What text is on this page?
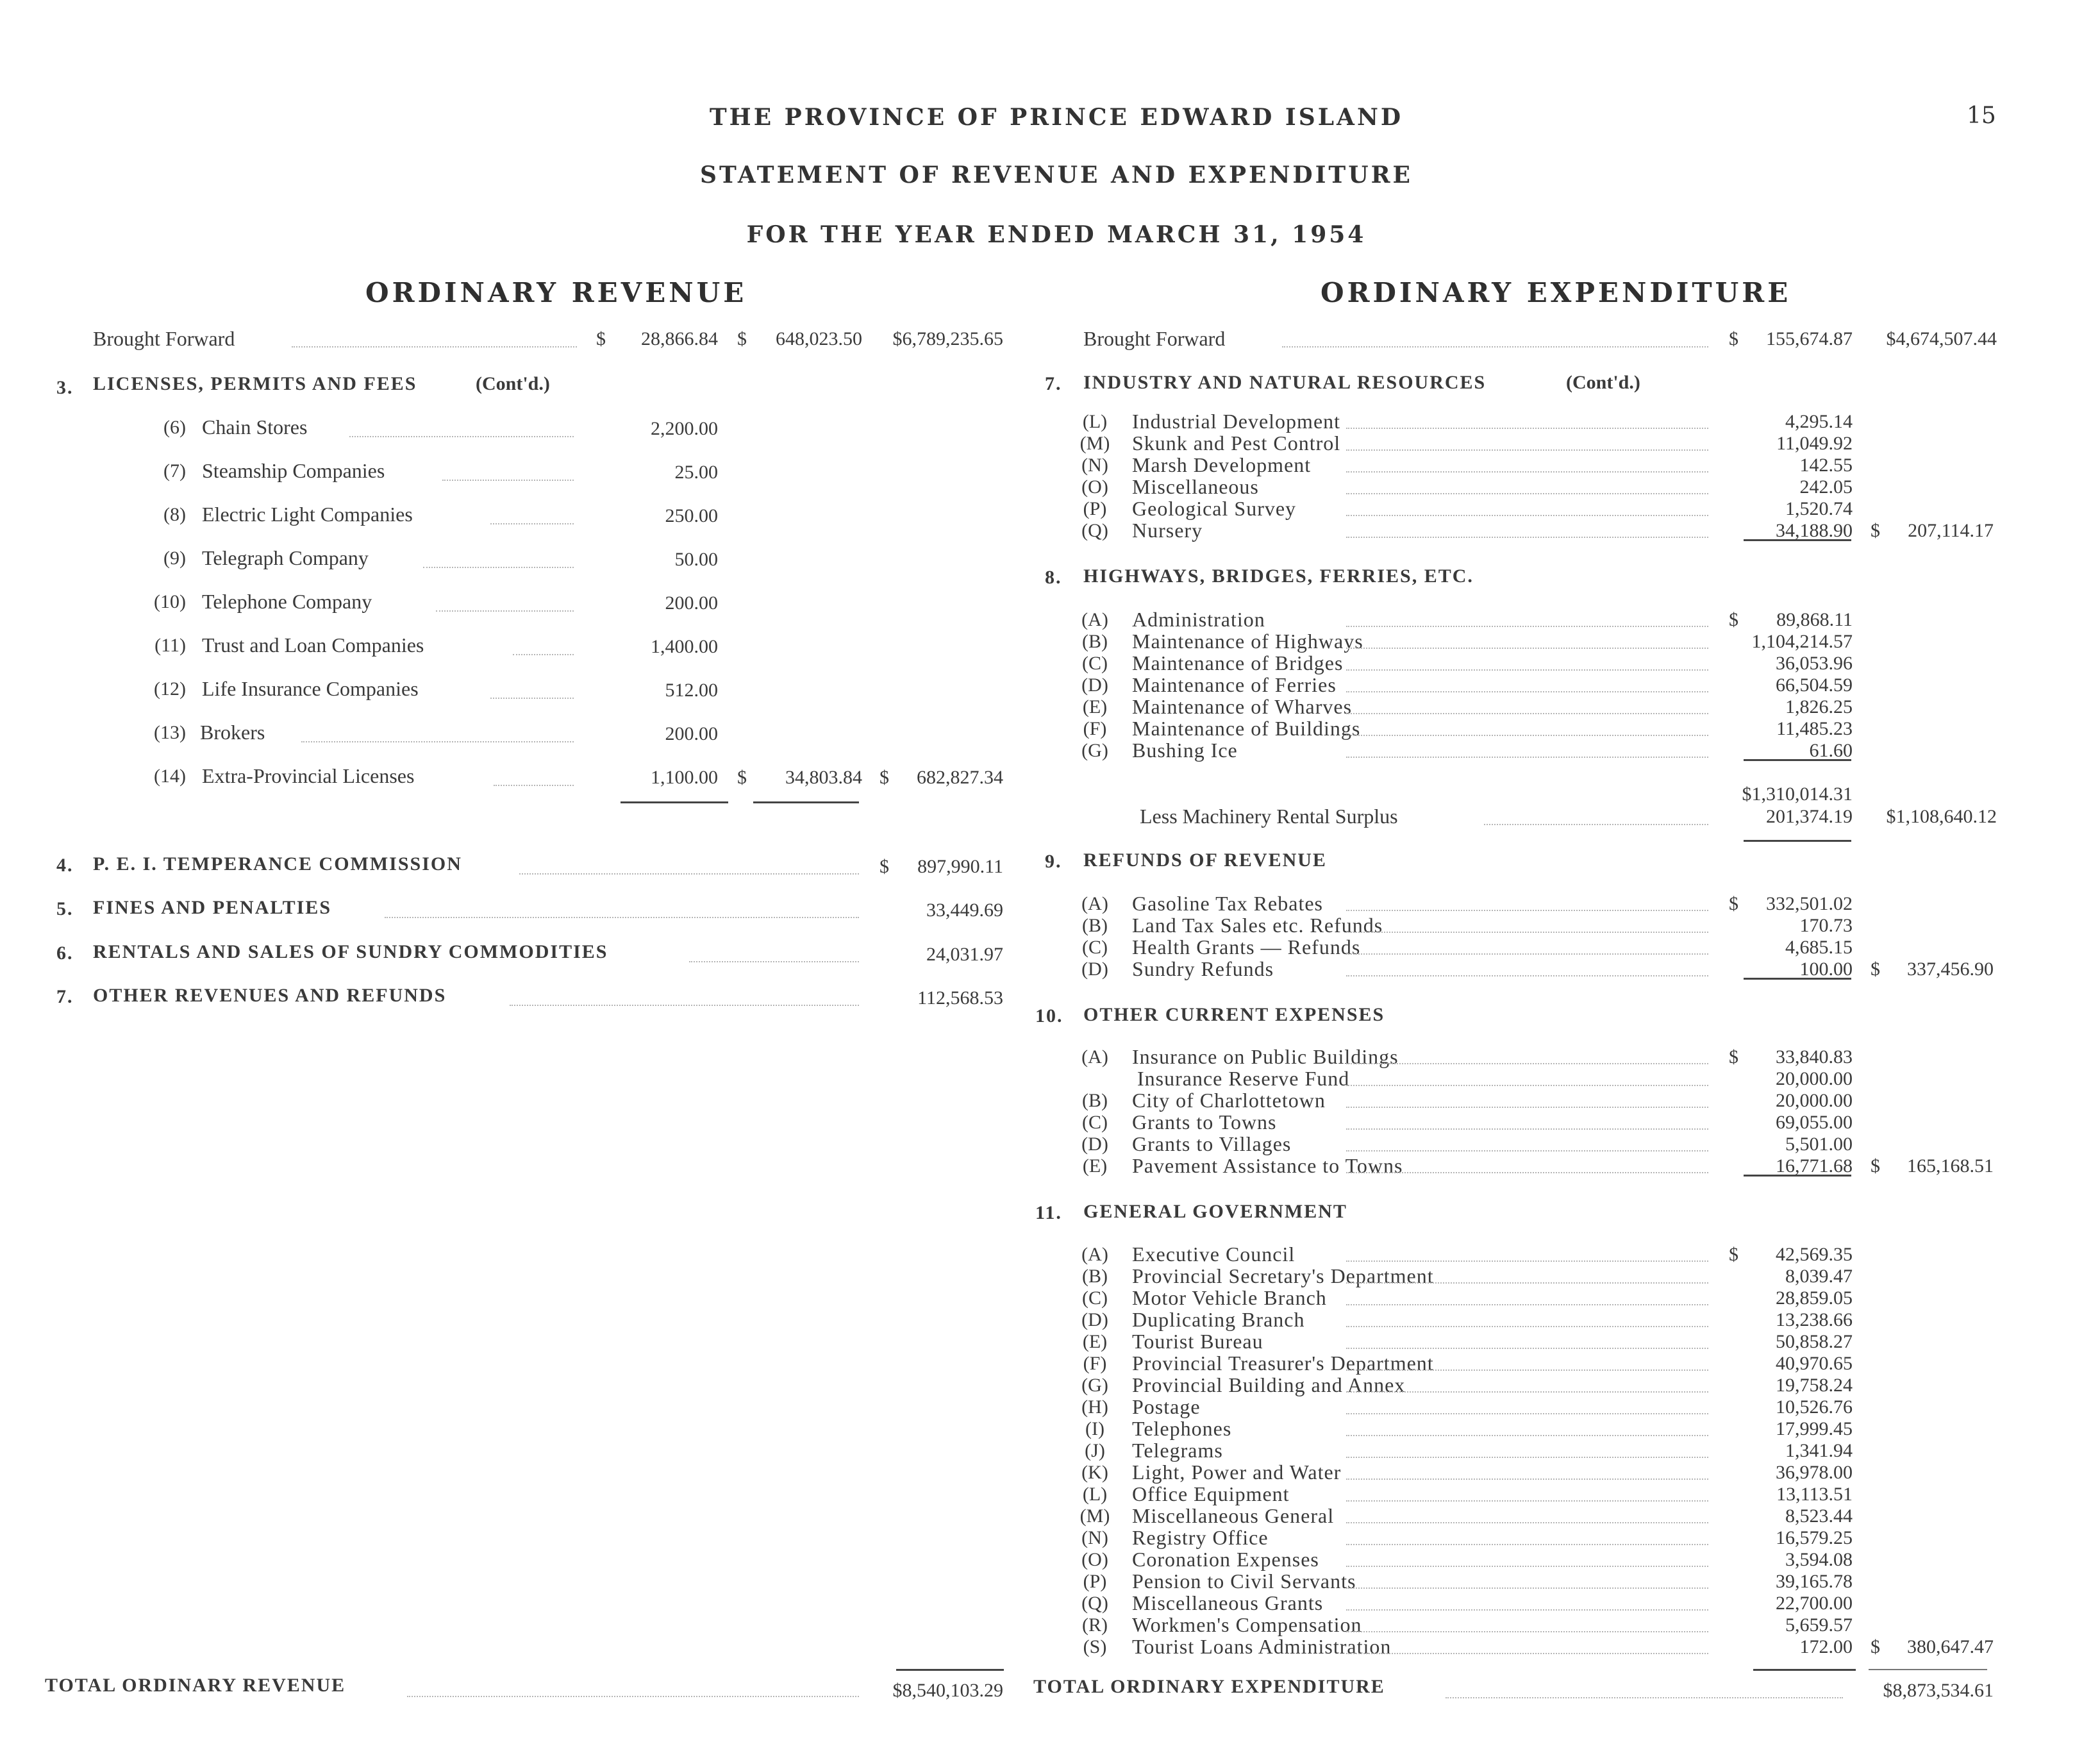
THE PROVINCE OF PRINCE EDWARD ISLAND	15
STATEMENT OF REVENUE AND EXPENDITURE
FOR THE YEAR ENDED MARCH 31, 1954
ORDINARY REVENUE
Brought Forward	$	28,866.84 $	648,023.50	$6,789,235.65
3. LICENSES, PERMITS AND FEES	(Cont'd.)
(6) Chain Stores	2,200.00
(7) Steamship Companies	25.00
(8) Electric Light Companies	250.00
(9) Telegraph Company	50.00
(10) Telephone Company	200.00
(11) Trust and Loan Companies	1,400.00
(12) Life Insurance Companies	512.00
(13) Brokers	200.00
(14) Extra-Provincial Licenses	1,100.00 $	34,803.84 $	682,827.34
4. P. E. I. TEMPERANCE COMMISSION	$	897,990.11
5. FINES AND PENALTIES	33,449.69
6. RENTALS AND SALES OF SUNDRY COMMODITIES	24,031.97
7. OTHER REVENUES AND REFUNDS	112,568.53
TOTAL ORDINARY REVENUE	$8,540,103.29
ORDINARY EXPENDITURE
Brought Forward	$	155,674.87	$4,674,507.44
7. INDUSTRY AND NATURAL RESOURCES	(Cont'd.)
(L) Industrial Development	4,295.14
(M) Skunk and Pest Control	11,049.92
(N) Marsh Development	142.55
(O) Miscellaneous	242.05
(P)	Geological Survey	1,520.74
(Q) Nursery	34,188.90 $	207,114.17
8. HIGHWAYS, BRIDGES, FERRIES, ETC.
(A) Administration	$	89,868.11
(B) Maintenance of Highways	1,104,214.57
(C) Maintenance of Bridges	36,053.96
(D) Maintenance of Ferries	66,504.59
(E) Maintenance of Wharves	1,826.25
(F)	Maintenance of Buildings	11,485.23
(G) Bushing Ice	61.60
$1,310,014.31
Less Machinery Rental Surplus	201,374.19	$1,108,640.12
9. REFUNDS OF REVENUE
(A) Gasoline Tax Rebates	$	332,501.02
(B) Land Tax Sales etc. Refunds	170.73
(C) Health Grants — Refunds	4,685.15
(D) Sundry Refunds	100.00 $	337,456.90
10. OTHER CURRENT EXPENSES
(A) Insurance on Public Buildings	$	33,840.83
Insurance Reserve Fund	20,000.00
(B) City of Charlottetown	20,000.00
(C) Grants to Towns	69,055.00
(D) Grants to Villages	5,501.00
(E) Pavement Assistance to Towns	16,771.68 $	165,168.51
11. GENERAL GOVERNMENT
(A) Executive Council	$	42,569.35
(B) Provincial Secretary's Department	8,039.47
(C) Motor Vehicle Branch	28,859.05
(D) Duplicating Branch	13,238.66
(E) Tourist Bureau	50,858.27
(F)	Provincial Treasurer's Department	40,970.65
(G) Provincial Building and Annex	19,758.24
(H) Postage	10,526.76
(I)	Telephones	17,999.45
(J)	Telegrams	1,341.94
(K) Light, Power and Water	36,978.00
(L) Office Equipment	13,113.51
(M) Miscellaneous General	8,523.44
(N) Registry Office	16,579.25
(O) Coronation Expenses	3,594.08
(P)	Pension to Civil Servants	39,165.78
(Q) Miscellaneous Grants	22,700.00
(R) Workmen's Compensation	5,659.57
(S)	Tourist Loans Administration	172.00 $	380,647.47
TOTAL ORDINARY EXPENDITURE	$8,873,534.61
